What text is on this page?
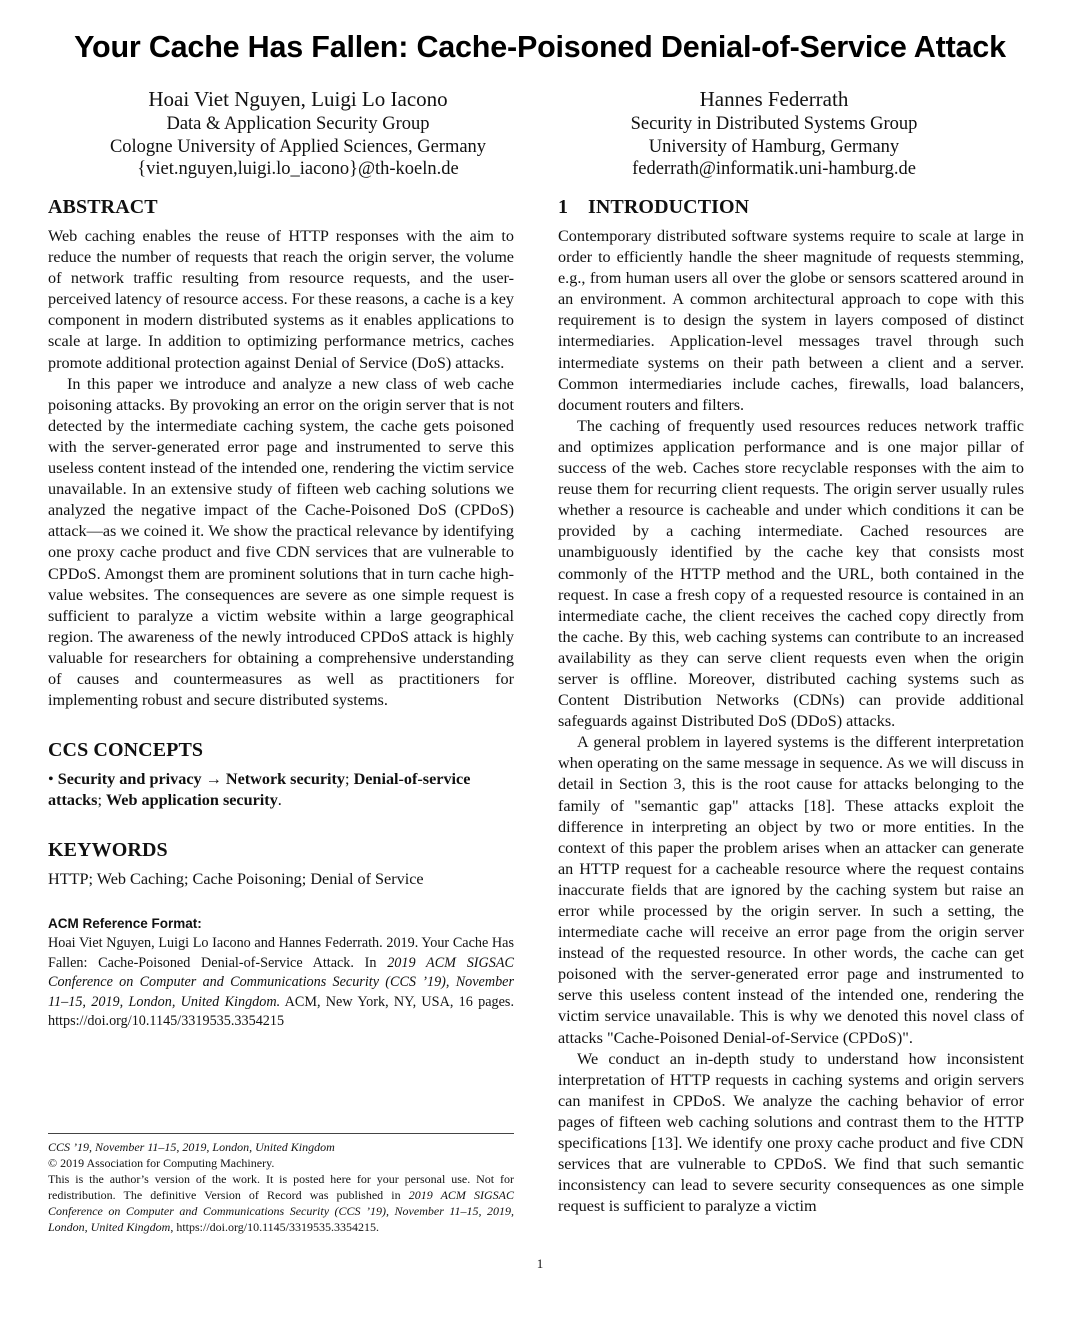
Your Cache Has Fallen: Cache-Poisoned Denial-of-Service Attack
Hoai Viet Nguyen, Luigi Lo Iacono
Data & Application Security Group
Cologne University of Applied Sciences, Germany
{viet.nguyen,luigi.lo_iacono}@th-koeln.de
Hannes Federrath
Security in Distributed Systems Group
University of Hamburg, Germany
federrath@informatik.uni-hamburg.de
ABSTRACT
Web caching enables the reuse of HTTP responses with the aim to reduce the number of requests that reach the origin server, the volume of network traffic resulting from resource requests, and the user-perceived latency of resource access. For these reasons, a cache is a key component in modern distributed systems as it enables applications to scale at large. In addition to optimizing performance metrics, caches promote additional protection against Denial of Service (DoS) attacks.
In this paper we introduce and analyze a new class of web cache poisoning attacks. By provoking an error on the origin server that is not detected by the intermediate caching system, the cache gets poisoned with the server-generated error page and instrumented to serve this useless content instead of the intended one, rendering the victim service unavailable. In an extensive study of fifteen web caching solutions we analyzed the negative impact of the Cache-Poisoned DoS (CPDoS) attack—as we coined it. We show the practical relevance by identifying one proxy cache product and five CDN services that are vulnerable to CPDoS. Amongst them are prominent solutions that in turn cache high-value websites. The consequences are severe as one simple request is sufficient to paralyze a victim website within a large geographical region. The awareness of the newly introduced CPDoS attack is highly valuable for researchers for obtaining a comprehensive understanding of causes and countermeasures as well as practitioners for implementing robust and secure distributed systems.
CCS CONCEPTS
• Security and privacy → Network security; Denial-of-service attacks; Web application security.
KEYWORDS
HTTP; Web Caching; Cache Poisoning; Denial of Service
ACM Reference Format:
Hoai Viet Nguyen, Luigi Lo Iacono and Hannes Federrath. 2019. Your Cache Has Fallen: Cache-Poisoned Denial-of-Service Attack. In 2019 ACM SIGSAC Conference on Computer and Communications Security (CCS ’19), November 11–15, 2019, London, United Kingdom. ACM, New York, NY, USA, 16 pages. https://doi.org/10.1145/3319535.3354215
CCS ’19, November 11–15, 2019, London, United Kingdom
© 2019 Association for Computing Machinery.
This is the author’s version of the work. It is posted here for your personal use. Not for redistribution. The definitive Version of Record was published in 2019 ACM SIGSAC Conference on Computer and Communications Security (CCS ’19), November 11–15, 2019, London, United Kingdom, https://doi.org/10.1145/3319535.3354215.
1 INTRODUCTION
Contemporary distributed software systems require to scale at large in order to efficiently handle the sheer magnitude of requests stemming, e.g., from human users all over the globe or sensors scattered around in an environment. A common architectural approach to cope with this requirement is to design the system in layers composed of distinct intermediaries. Application-level messages travel through such intermediate systems on their path between a client and a server. Common intermediaries include caches, firewalls, load balancers, document routers and filters.
The caching of frequently used resources reduces network traffic and optimizes application performance and is one major pillar of success of the web. Caches store recyclable responses with the aim to reuse them for recurring client requests. The origin server usually rules whether a resource is cacheable and under which conditions it can be provided by a caching intermediate. Cached resources are unambiguously identified by the cache key that consists most commonly of the HTTP method and the URL, both contained in the request. In case a fresh copy of a requested resource is contained in an intermediate cache, the client receives the cached copy directly from the cache. By this, web caching systems can contribute to an increased availability as they can serve client requests even when the origin server is offline. Moreover, distributed caching systems such as Content Distribution Networks (CDNs) can provide additional safeguards against Distributed DoS (DDoS) attacks.
A general problem in layered systems is the different interpretation when operating on the same message in sequence. As we will discuss in detail in Section 3, this is the root cause for attacks belonging to the family of "semantic gap" attacks [18]. These attacks exploit the difference in interpreting an object by two or more entities. In the context of this paper the problem arises when an attacker can generate an HTTP request for a cacheable resource where the request contains inaccurate fields that are ignored by the caching system but raise an error while processed by the origin server. In such a setting, the intermediate cache will receive an error page from the origin server instead of the requested resource. In other words, the cache can get poisoned with the server-generated error page and instrumented to serve this useless content instead of the intended one, rendering the victim service unavailable. This is why we denoted this novel class of attacks "Cache-Poisoned Denial-of-Service (CPDoS)".
We conduct an in-depth study to understand how inconsistent interpretation of HTTP requests in caching systems and origin servers can manifest in CPDoS. We analyze the caching behavior of error pages of fifteen web caching solutions and contrast them to the HTTP specifications [13]. We identify one proxy cache product and five CDN services that are vulnerable to CPDoS. We find that such semantic inconsistency can lead to severe security consequences as one simple request is sufficient to paralyze a victim
1
